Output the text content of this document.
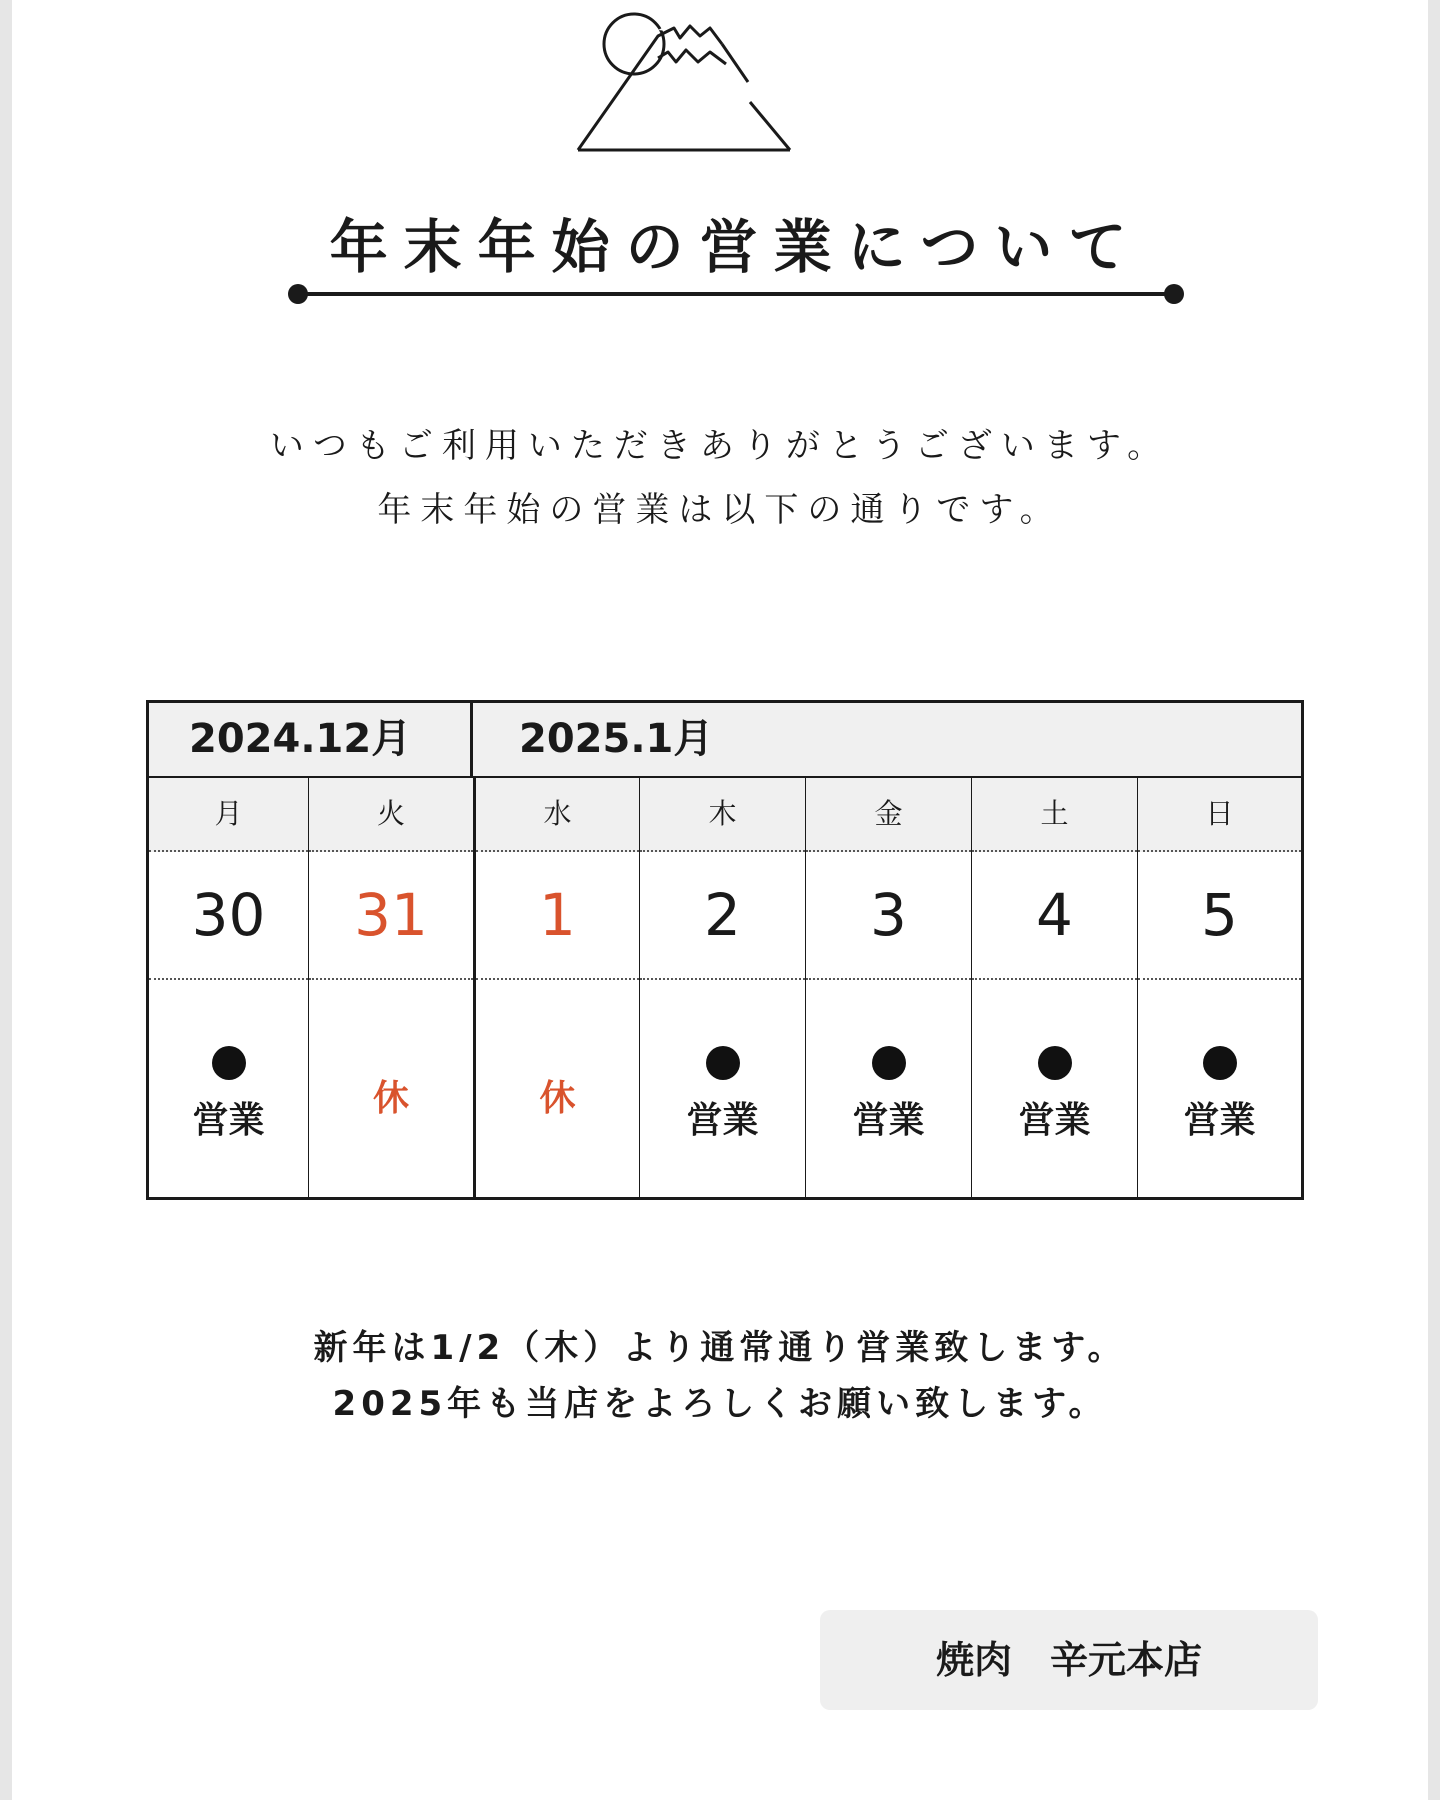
年末年始の営業について
いつもご利用いただきありがとうございます。
年末年始の営業は以下の通りです。
2024.12月	2025.1月
月
30
営業
火
31
休
水
1
休
木
2
営業
金
3
営業
土
4
営業
日
5
営業
新年は1/2（木）より通常通り営業致します。
2025年も当店をよろしくお願い致します。
焼肉　辛元本店
